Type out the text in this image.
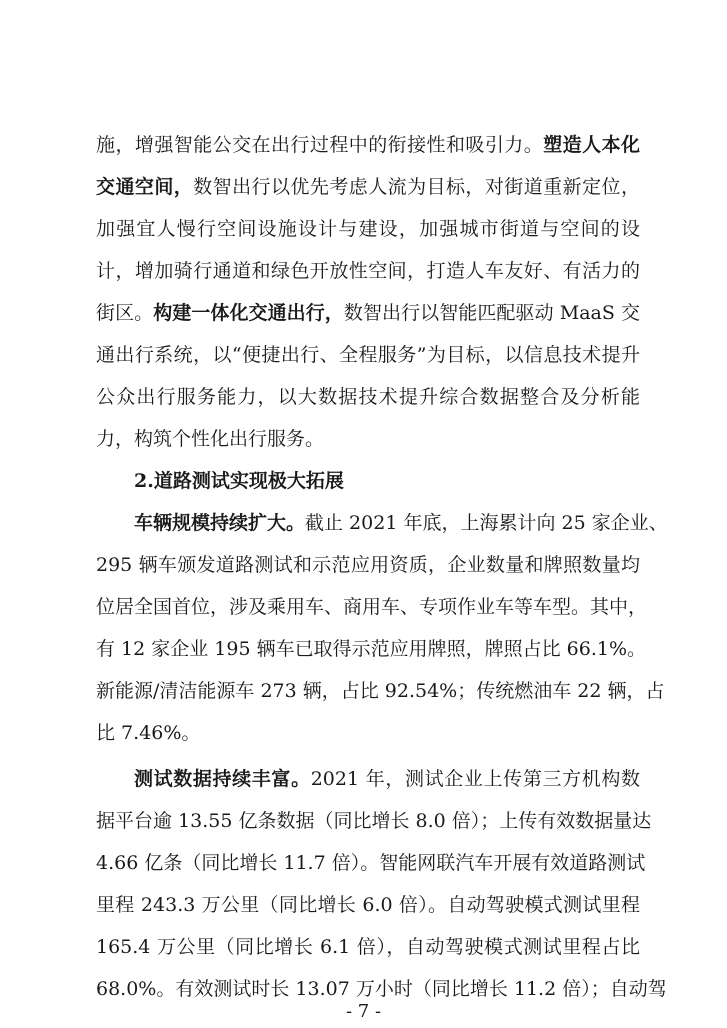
施，增强智能公交在出行过程中的衔接性和吸引力。塑造人本化
交通空间，数智出行以优先考虑人流为目标，对街道重新定位，
加强宜人慢行空间设施设计与建设，加强城市街道与空间的设
计，增加骑行通道和绿色开放性空间，打造人车友好、有活力的
街区。构建一体化交通出行，数智出行以智能匹配驱动 MaaS 交
通出行系统，以“便捷出行、全程服务”为目标，以信息技术提升
公众出行服务能力，以大数据技术提升综合数据整合及分析能
力，构筑个性化出行服务。
2.道路测试实现极大拓展
车辆规模持续扩大。截止 2021 年底，上海累计向 25 家企业、
295 辆车颁发道路测试和示范应用资质，企业数量和牌照数量均
位居全国首位，涉及乘用车、商用车、专项作业车等车型。其中，
有 12 家企业 195 辆车已取得示范应用牌照，牌照占比 66.1%。
新能源/清洁能源车 273 辆，占比 92.54%；传统燃油车 22 辆，占
比 7.46%。
测试数据持续丰富。2021 年，测试企业上传第三方机构数
据平台逾 13.55 亿条数据（同比增长 8.0 倍）；上传有效数据量达
4.66 亿条（同比增长 11.7 倍）。智能网联汽车开展有效道路测试
里程 243.3 万公里（同比增长 6.0 倍）。自动驾驶模式测试里程
165.4 万公里（同比增长 6.1 倍），自动驾驶模式测试里程占比
68.0%。有效测试时长 13.07 万小时（同比增长 11.2 倍）；自动驾
- 7 -
